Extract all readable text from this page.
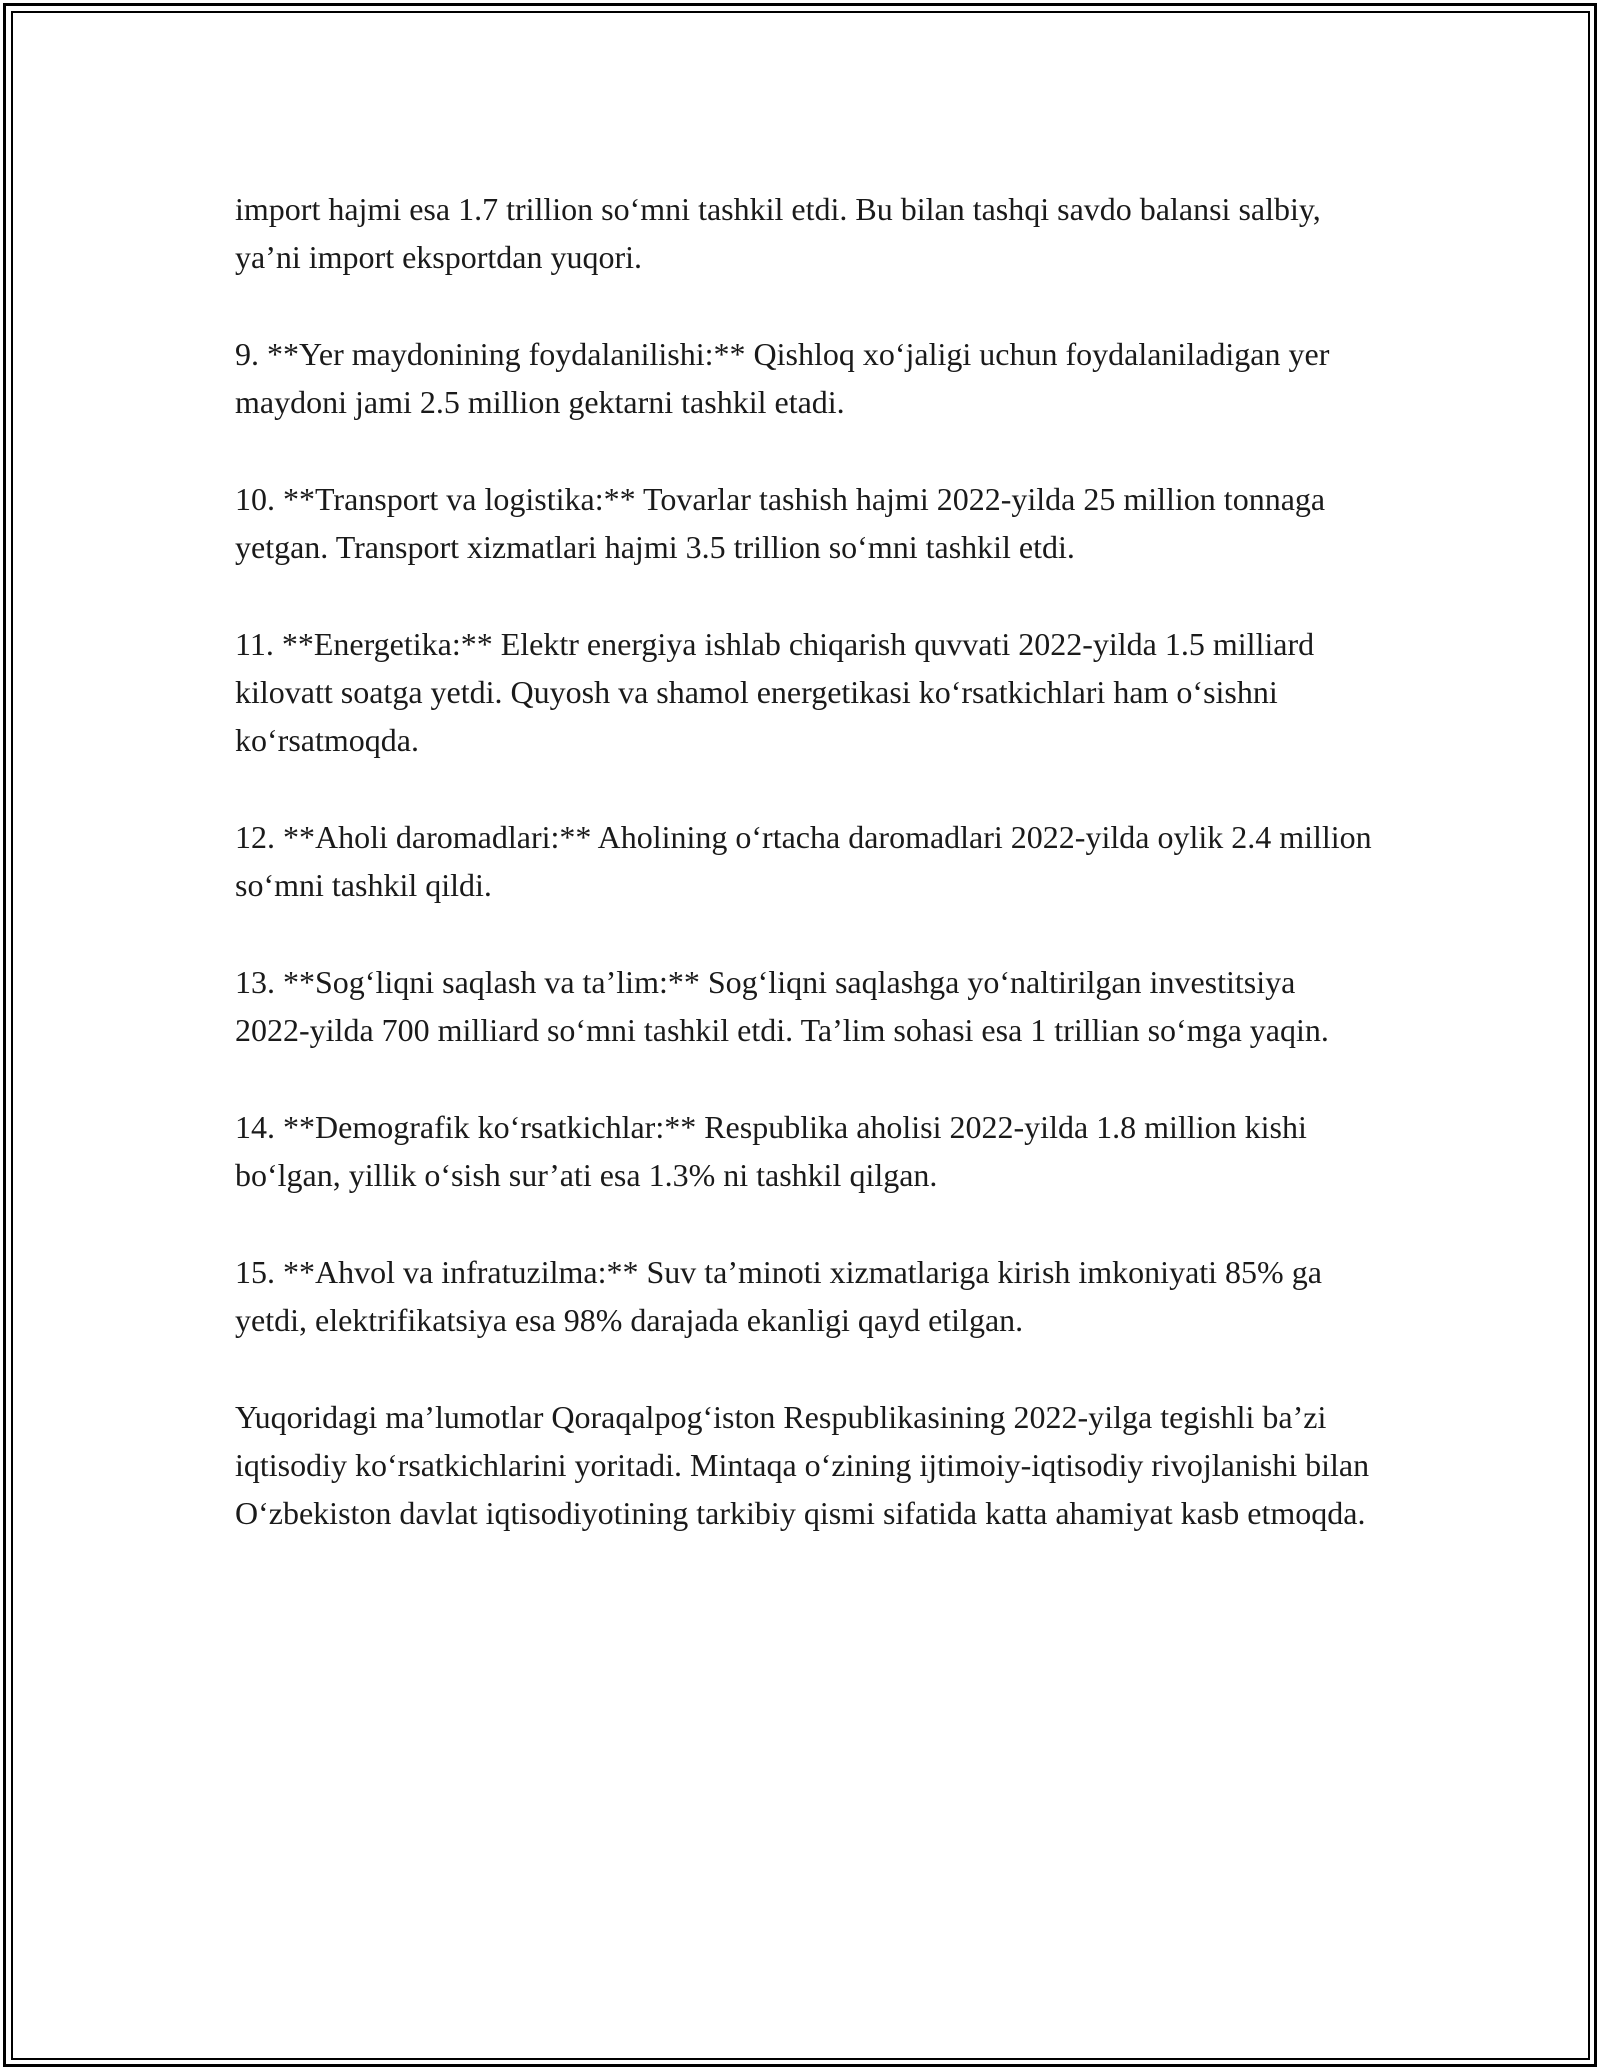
import hajmi esa 1.7 trillion so‘mni tashkil etdi. Bu bilan tashqi savdo balansi salbiy, ya’ni import eksportdan yuqori.

9. **Yer maydonining foydalanilishi:** Qishloq xo‘jaligi uchun foydalaniladigan yer maydoni jami 2.5 million gektarni tashkil etadi.

10. **Transport va logistika:** Tovarlar tashish hajmi 2022-yilda 25 million tonnaga yetgan. Transport xizmatlari hajmi 3.5 trillion so‘mni tashkil etdi.

11. **Energetika:** Elektr energiya ishlab chiqarish quvvati 2022-yilda 1.5 milliard kilovatt soatga yetdi. Quyosh va shamol energetikasi ko‘rsatkichlari ham o‘sishni ko‘rsatmoqda.

12. **Aholi daromadlari:** Aholining o‘rtacha daromadlari 2022-yilda oylik 2.4 million so‘mni tashkil qildi.

13. **Sog‘liqni saqlash va ta’lim:** Sog‘liqni saqlashga yo‘naltirilgan investitsiya 2022-yilda 700 milliard so‘mni tashkil etdi. Ta’lim sohasi esa 1 trillian so‘mga yaqin.

14. **Demografik ko‘rsatkichlar:** Respublika aholisi 2022-yilda 1.8 million kishi bo‘lgan, yillik o‘sish sur’ati esa 1.3% ni tashkil qilgan.

15. **Ahvol va infratuzilma:** Suv ta’minoti xizmatlariga kirish imkoniyati 85% ga yetdi, elektrifikatsiya esa 98% darajada ekanligi qayd etilgan.

Yuqoridagi ma’lumotlar Qoraqalpog‘iston Respublikasining 2022-yilga tegishli ba’zi iqtisodiy ko‘rsatkichlarini yoritadi. Mintaqa o‘zining ijtimoiy-iqtisodiy rivojlanishi bilan O‘zbekiston davlat iqtisodiyotining tarkibiy qismi sifatida katta ahamiyat kasb etmoqda.
